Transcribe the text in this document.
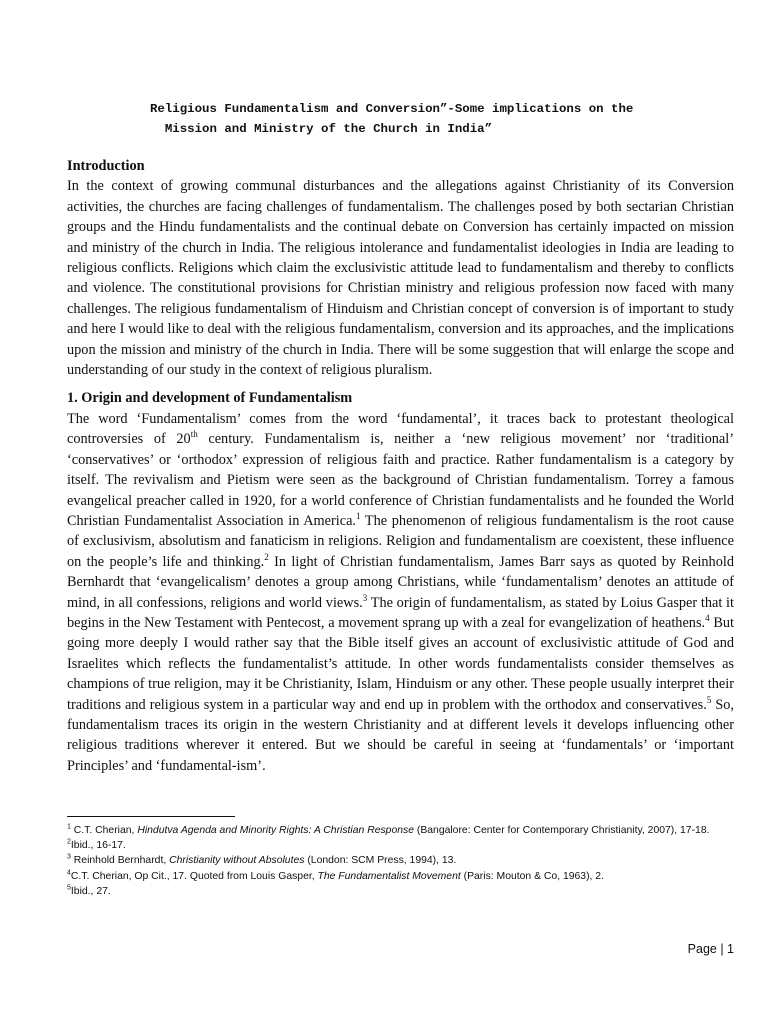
Religious Fundamentalism and Conversion”-Some implications on the
Mission and Ministry of the Church in India”

Introduction

In the context of growing communal disturbances and the allegations against Christianity of its Conversion activities, the churches are facing challenges of fundamentalism. The challenges posed by both sectarian Christian groups and the Hindu fundamentalists and the continual debate on Conversion has certainly impacted on mission and ministry of the church in India. The religious intolerance and fundamentalist ideologies in India are leading to religious conflicts. Religions which claim the exclusivistic attitude lead to fundamentalism and thereby to conflicts and violence. The constitutional provisions for Christian ministry and religious profession now faced with many challenges. The religious fundamentalism of Hinduism and Christian concept of conversion is of important to study and here I would like to deal with the religious fundamentalism, conversion and its approaches, and the implications upon the mission and ministry of the church in India. There will be some suggestion that will enlarge the scope and understanding of our study in the context of religious pluralism.

1. Origin and development of Fundamentalism

The word ‘Fundamentalism’ comes from the word ‘fundamental’, it traces back to protestant theological controversies of 20th century. Fundamentalism is, neither a ‘new religious movement’ nor ‘traditional’ ‘conservatives’ or ‘orthodox’ expression of religious faith and practice. Rather fundamentalism is a category by itself. The revivalism and Pietism were seen as the background of Christian fundamentalism. Torrey a famous evangelical preacher called in 1920, for a world conference of Christian fundamentalists and he founded the World Christian Fundamentalist Association in America.$^1$ The phenomenon of religious fundamentalism is the root cause of exclusivism, absolutism and fanaticism in religions. Religion and fundamentalism are coexistent, these influence on the people’s life and thinking.$^2$ In light of Christian fundamentalism, James Barr says as quoted by Reinhold Bernhardt that ‘evangelicalism’ denotes a group among Christians, while ‘fundamentalism’ denotes an attitude of mind, in all confessions, religions and world views.$^3$ The origin of fundamentalism, as stated by Loius Gasper that it begins in the New Testament with Pentecost, a movement sprang up with a zeal for evangelization of heathens.$^4$ But going more deeply I would rather say that the Bible itself gives an account of exclusivistic attitude of God and Israelites which reflects the fundamentalist’s attitude. In other words fundamentalists consider themselves as champions of true religion, may it be Christianity, Islam, Hinduism or any other. These people usually interpret their traditions and religious system in a particular way and end up in problem with the orthodox and conservatives.$^5$ So, fundamentalism traces its origin in the western Christianity and at different levels it develops influencing other religious traditions wherever it entered. But we should be careful in seeing at ‘fundamentals’ or ‘important Principles’ and ‘fundamental-ism’.

$^1$ C.T. Cherian, Hindutva Agenda and Minority Rights: A Christian Response (Bangalore: Center for Contemporary Christianity, 2007), 17-18.

$^2$Ibid., 16-17.

$^3$ Reinhold Bernhardt, Christianity without Absolutes (London: SCM Press, 1994), 13.

$^4$C.T. Cherian, Op Cit., 17. Quoted from Louis Gasper, The Fundamentalist Movement (Paris: Mouton & Co, 1963), 2.

$^5$Ibid., 27.

Page | 1
